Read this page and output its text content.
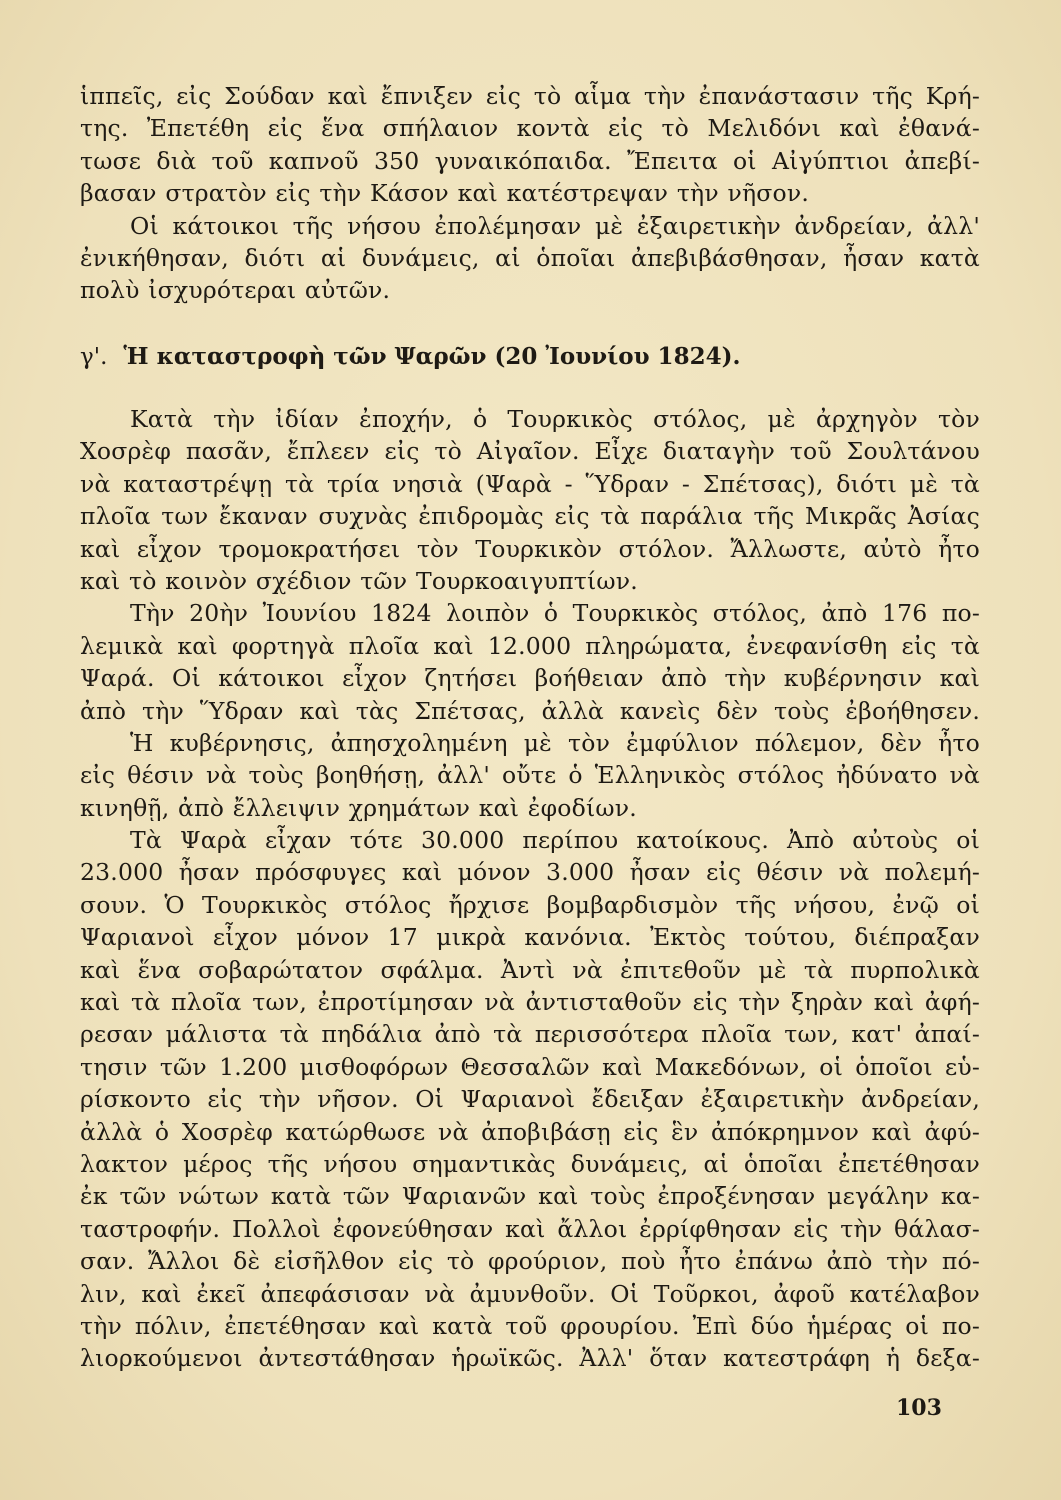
ἱππεῖς, εἰς Σούδαν καὶ ἔπνιξεν εἰς τὸ αἷμα τὴν ἐπανάστασιν τῆς Κρή-
της. Ἐπετέθη εἰς ἕνα σπήλαιον κοντὰ εἰς τὸ Μελιδόνι καὶ ἐθανά-
τωσε διὰ τοῦ καπνοῦ 350 γυναικόπαιδα. Ἔπειτα οἱ Αἰγύπτιοι ἀπεβί-
βασαν στρατὸν εἰς τὴν Κάσον καὶ κατέστρεψαν τὴν νῆσον.
Οἱ κάτοικοι τῆς νήσου ἐπολέμησαν μὲ ἐξαιρετικὴν ἀνδρείαν, ἀλλ'
ἐνικήθησαν, διότι αἱ δυνάμεις, αἱ ὁποῖαι ἀπεβιβάσθησαν, ἦσαν κατὰ
πολὺ ἰσχυρότεραι αὐτῶν.
γ'. Ἡ καταστροφὴ τῶν Ψαρῶν (20 Ἰουνίου 1824).
Κατὰ τὴν ἰδίαν ἐποχήν, ὁ Τουρκικὸς στόλος, μὲ ἀρχηγὸν τὸν
Χοσρὲφ πασᾶν, ἔπλεεν εἰς τὸ Αἰγαῖον. Εἶχε διαταγὴν τοῦ Σουλτάνου
νὰ καταστρέψῃ τὰ τρία νησιὰ (Ψαρὰ - Ὕδραν - Σπέτσας), διότι μὲ τὰ
πλοῖα των ἔκαναν συχνὰς ἐπιδρομὰς εἰς τὰ παράλια τῆς Μικρᾶς Ἀσίας
καὶ εἶχον τρομοκρατήσει τὸν Τουρκικὸν στόλον. Ἄλλωστε, αὐτὸ ἦτο
καὶ τὸ κοινὸν σχέδιον τῶν Τουρκοαιγυπτίων.
Τὴν 20ὴν Ἰουνίου 1824 λοιπὸν ὁ Τουρκικὸς στόλος, ἀπὸ 176 πο-
λεμικὰ καὶ φορτηγὰ πλοῖα καὶ 12.000 πληρώματα, ἐνεφανίσθη εἰς τὰ
Ψαρά. Οἱ κάτοικοι εἶχον ζητήσει βοήθειαν ἀπὸ τὴν κυβέρνησιν καὶ
ἀπὸ τὴν Ὕδραν καὶ τὰς Σπέτσας, ἀλλὰ κανεὶς δὲν τοὺς ἐβοήθησεν.
Ἡ κυβέρνησις, ἀπησχολημένη μὲ τὸν ἐμφύλιον πόλεμον, δὲν ἦτο
εἰς θέσιν νὰ τοὺς βοηθήσῃ, ἀλλ' οὔτε ὁ Ἑλληνικὸς στόλος ἠδύνατο νὰ
κινηθῇ, ἀπὸ ἔλλειψιν χρημάτων καὶ ἐφοδίων.
Τὰ Ψαρὰ εἶχαν τότε 30.000 περίπου κατοίκους. Ἀπὸ αὐτοὺς οἱ
23.000 ἦσαν πρόσφυγες καὶ μόνον 3.000 ἦσαν εἰς θέσιν νὰ πολεμή-
σουν. Ὁ Τουρκικὸς στόλος ἤρχισε βομβαρδισμὸν τῆς νήσου, ἐνῷ οἱ
Ψαριανοὶ εἶχον μόνον 17 μικρὰ κανόνια. Ἐκτὸς τούτου, διέπραξαν
καὶ ἕνα σοβαρώτατον σφάλμα. Ἀντὶ νὰ ἐπιτεθοῦν μὲ τὰ πυρπολικὰ
καὶ τὰ πλοῖα των, ἐπροτίμησαν νὰ ἀντισταθοῦν εἰς τὴν ξηρὰν καὶ ἀφή-
ρεσαν μάλιστα τὰ πηδάλια ἀπὸ τὰ περισσότερα πλοῖα των, κατ' ἀπαί-
τησιν τῶν 1.200 μισθοφόρων Θεσσαλῶν καὶ Μακεδόνων, οἱ ὁποῖοι εὑ-
ρίσκοντο εἰς τὴν νῆσον. Οἱ Ψαριανοὶ ἔδειξαν ἐξαιρετικὴν ἀνδρείαν,
ἀλλὰ ὁ Χοσρὲφ κατώρθωσε νὰ ἀποβιβάσῃ εἰς ἓν ἀπόκρημνον καὶ ἀφύ-
λακτον μέρος τῆς νήσου σημαντικὰς δυνάμεις, αἱ ὁποῖαι ἐπετέθησαν
ἐκ τῶν νώτων κατὰ τῶν Ψαριανῶν καὶ τοὺς ἐπροξένησαν μεγάλην κα-
ταστροφήν. Πολλοὶ ἐφονεύθησαν καὶ ἄλλοι ἐρρίφθησαν εἰς τὴν θάλασ-
σαν. Ἄλλοι δὲ εἰσῆλθον εἰς τὸ φρούριον, ποὺ ἦτο ἐπάνω ἀπὸ τὴν πό-
λιν, καὶ ἐκεῖ ἀπεφάσισαν νὰ ἀμυνθοῦν. Οἱ Τοῦρκοι, ἀφοῦ κατέλαβον
τὴν πόλιν, ἐπετέθησαν καὶ κατὰ τοῦ φρουρίου. Ἐπὶ δύο ἡμέρας οἱ πο-
λιορκούμενοι ἀντεστάθησαν ἡρωϊκῶς. Ἀλλ' ὅταν κατεστράφη ἡ δεξα-
103
